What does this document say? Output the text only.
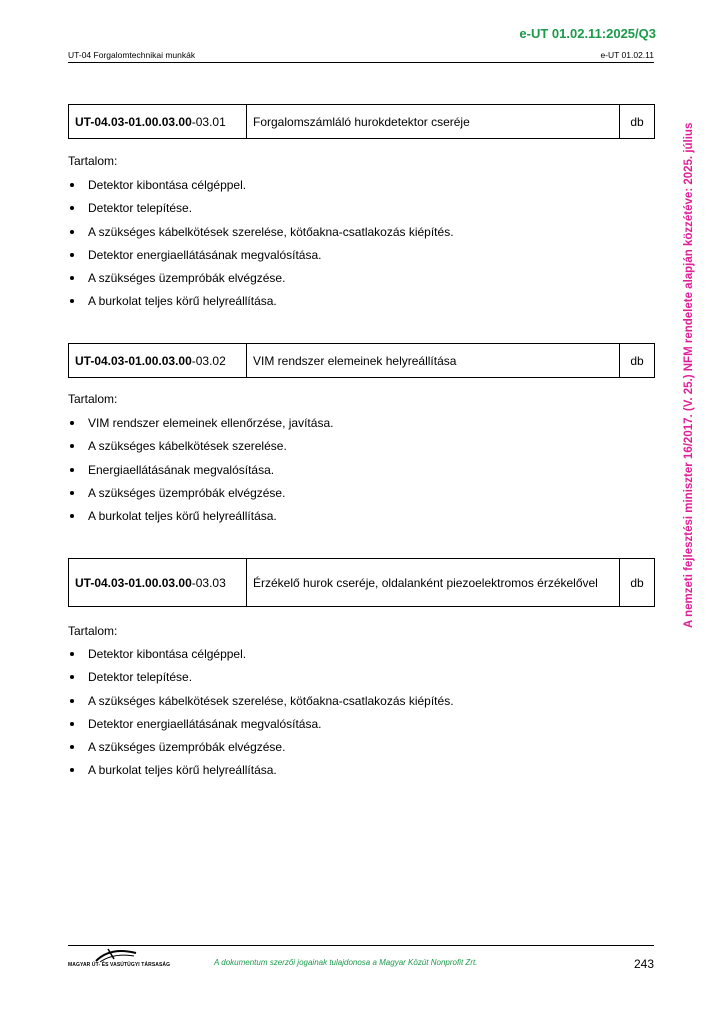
e-UT 01.02.11:2025/Q3
UT-04 Forgalomtechnikai munkák	e-UT 01.02.11
A nemzeti fejlesztési miniszter 16/2017. (V. 25.) NFM rendelete alapján közzétéve: 2025. július
UT-04.03-01.00.03.00-03.01	Forgalomszámláló hurokdetektor cseréje	db
Tartalom:
Detektor kibontása célgéppel.
Detektor telepítése.
A szükséges kábelkötések szerelése, kötőakna-csatlakozás kiépítés.
Detektor energiaellátásának megvalósítása.
A szükséges üzempróbák elvégzése.
A burkolat teljes körű helyreállítása.
UT-04.03-01.00.03.00-03.02	VIM rendszer elemeinek helyreállítása	db
Tartalom:
VIM rendszer elemeinek ellenőrzése, javítása.
A szükséges kábelkötések szerelése.
Energiaellátásának megvalósítása.
A szükséges üzempróbák elvégzése.
A burkolat teljes körű helyreállítása.
UT-04.03-01.00.03.00-03.03	Érzékelő hurok cseréje, oldalanként piezoelektromos érzékelővel	db
Tartalom:
Detektor kibontása célgéppel.
Detektor telepítése.
A szükséges kábelkötések szerelése, kötőakna-csatlakozás kiépítés.
Detektor energiaellátásának megvalósítása.
A szükséges üzempróbák elvégzése.
A burkolat teljes körű helyreállítása.
MAGYAR ÚT- ÉS VASÚTÜGYI TÁRSASÁG	A dokumentum szerzői jogainak tulajdonosa a Magyar Közút Nonprofit Zrt.	243
